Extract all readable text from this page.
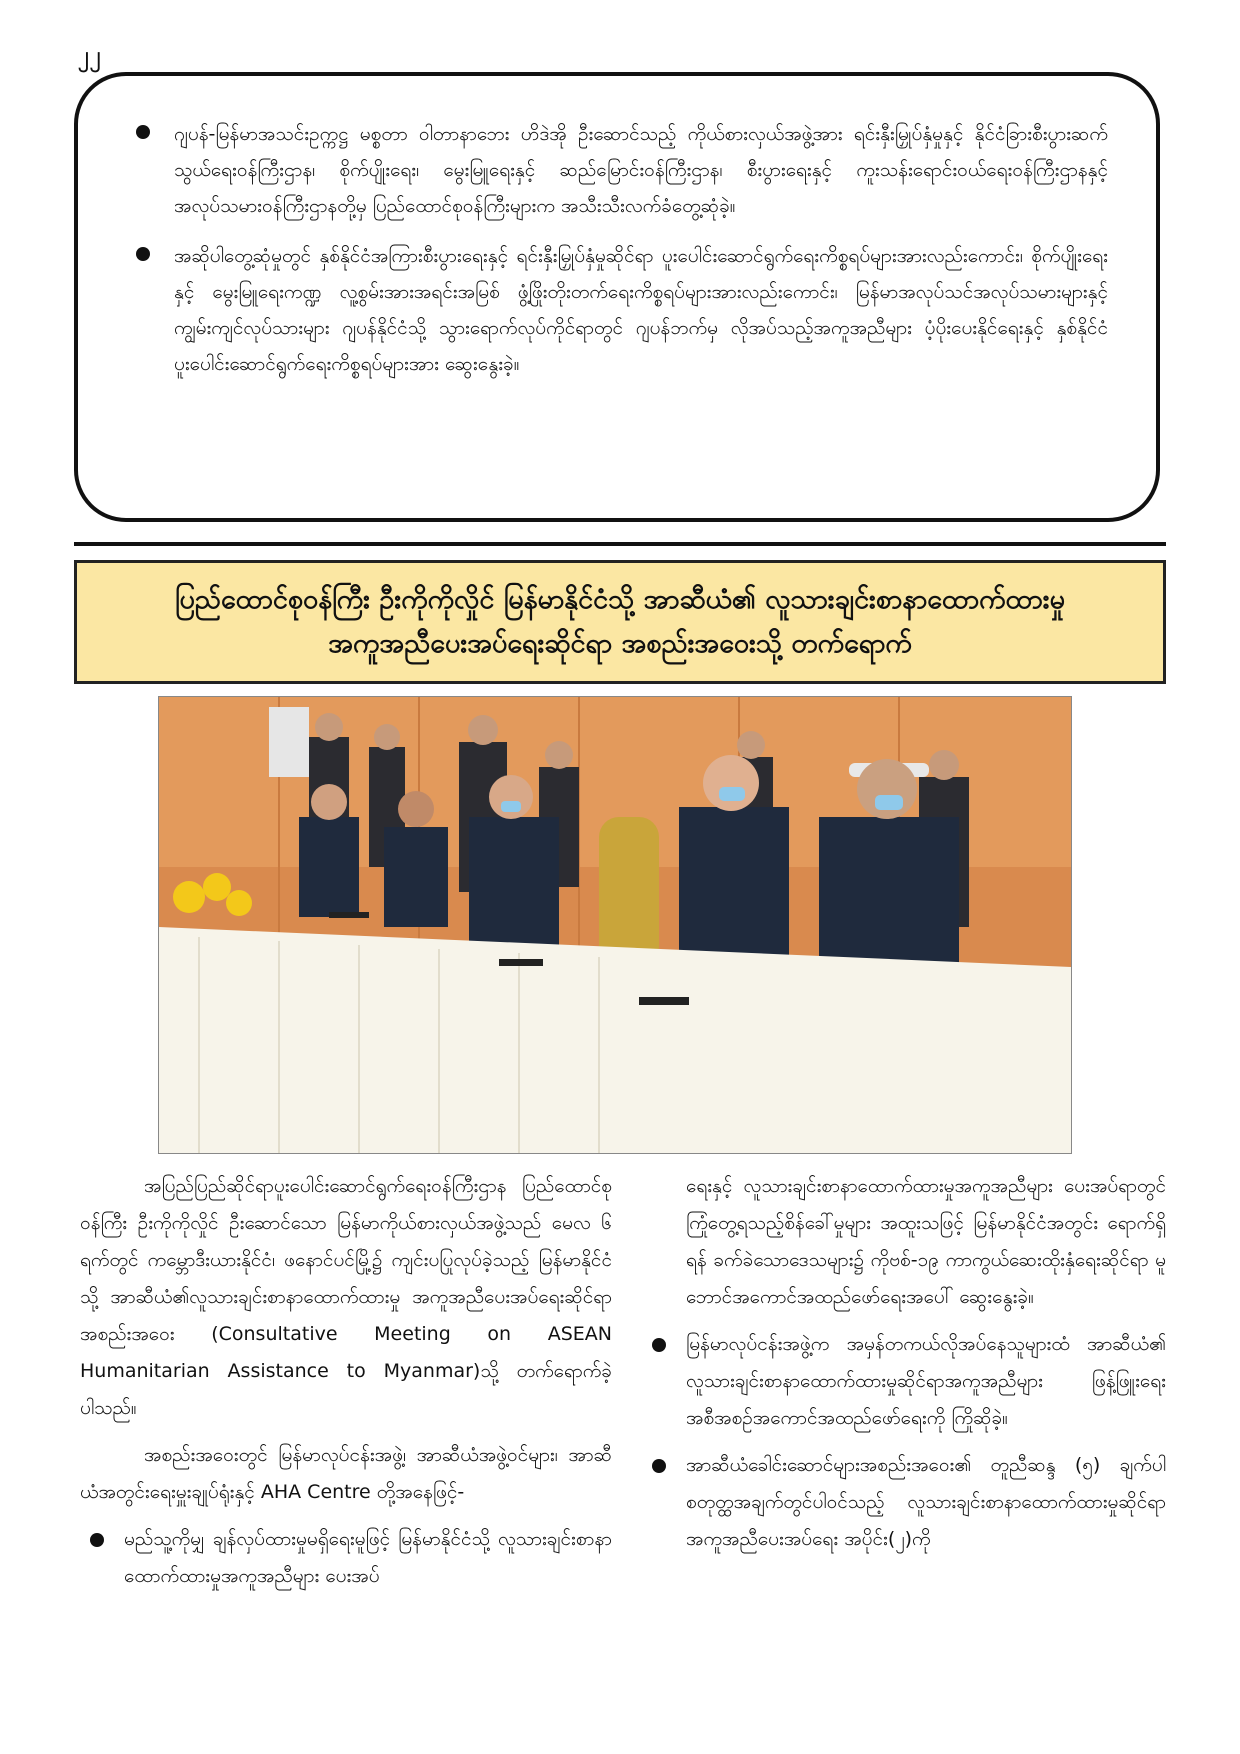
၂၂
ဂျပန်-မြန်မာအသင်းဥက္ကဋ္ဌ မစ္စတာ ဝါတာနာဘေး ဟိဒဲအို ဦးဆောင်သည့် ကိုယ်စားလှယ်အဖွဲ့အား ရင်းနှီးမြှုပ်နှံမှုနှင့် နိုင်ငံခြားစီးပွားဆက်သွယ်ရေးဝန်ကြီးဌာန၊ စိုက်ပျိုးရေး၊ မွေးမြူရေးနှင့် ဆည်မြောင်းဝန်ကြီးဌာန၊ စီးပွားရေးနှင့် ကူးသန်းရောင်းဝယ်ရေးဝန်ကြီးဌာနနှင့် အလုပ်သမားဝန်ကြီးဌာနတို့မှ ပြည်ထောင်စုဝန်ကြီးများက အသီးသီးလက်ခံတွေ့ဆုံခဲ့။
အဆိုပါတွေ့ဆုံမှုတွင် နှစ်နိုင်ငံအကြားစီးပွားရေးနှင့် ရင်းနှီးမြှုပ်နှံမှုဆိုင်ရာ ပူးပေါင်းဆောင်ရွက်ရေးကိစ္စရပ်များအားလည်းကောင်း၊ စိုက်ပျိုးရေးနှင့် မွေးမြူရေးကဏ္ဍ လူ့စွမ်းအားအရင်းအမြစ် ဖွံ့ဖြိုးတိုးတက်ရေးကိစ္စရပ်များအားလည်းကောင်း၊ မြန်မာအလုပ်သင်အလုပ်သမားများနှင့် ကျွမ်းကျင်လုပ်သားများ ဂျပန်နိုင်ငံသို့ သွားရောက်လုပ်ကိုင်ရာတွင် ဂျပန်ဘက်မှ လိုအပ်သည့်အကူအညီများ ပံ့ပိုးပေးနိုင်ရေးနှင့် နှစ်နိုင်ငံ ပူးပေါင်းဆောင်ရွက်ရေးကိစ္စရပ်များအား ဆွေးနွေးခဲ့။
ပြည်ထောင်စုဝန်ကြီး ဦးကိုကိုလှိုင် မြန်မာနိုင်ငံသို့ အာဆီယံ၏ လူသားချင်းစာနာထောက်ထားမှု
အကူအညီပေးအပ်ရေးဆိုင်ရာ အစည်းအဝေးသို့ တက်ရောက်

အပြည်ပြည်ဆိုင်ရာပူးပေါင်းဆောင်ရွက်ရေးဝန်ကြီးဌာန ပြည်ထောင်စုဝန်ကြီး ဦးကိုကိုလှိုင် ဦးဆောင်သော မြန်မာကိုယ်စားလှယ်အဖွဲ့သည် မေလ ၆ ရက်တွင် ကမ္ဘောဒီးယားနိုင်ငံ၊ ဖနောင်ပင်မြို့၌ ကျင်းပပြုလုပ်ခဲ့သည့် မြန်မာနိုင်ငံသို့ အာဆီယံ၏လူသားချင်းစာနာထောက်ထားမှု အကူအညီပေးအပ်ရေးဆိုင်ရာအစည်းအဝေး (Consultative Meeting on ASEAN Humanitarian Assistance to Myanmar)သို့ တက်ရောက်ခဲ့ပါသည်။

အစည်းအဝေးတွင် မြန်မာလုပ်ငန်းအဖွဲ့၊ အာဆီယံအဖွဲ့ဝင်များ၊ အာဆီယံအတွင်းရေးမှူးချုပ်ရုံးနှင့် AHA Centre တို့အနေဖြင့်-

မည်သူ့ကိုမျှ ချန်လှပ်ထားမှုမရှိရေးမူဖြင့် မြန်မာနိုင်ငံသို့ လူသားချင်းစာနာထောက်ထားမှုအကူအညီများ ပေးအပ်

ရေးနှင့် လူသားချင်းစာနာထောက်ထားမှုအကူအညီများ ပေးအပ်ရာတွင် ကြုံတွေ့ရသည့်စိန်ခေါ်မှုများ အထူးသဖြင့် မြန်မာနိုင်ငံအတွင်း ရောက်ရှိရန် ခက်ခဲသောဒေသများ၌ ကိုဗစ်-၁၉ ကာကွယ်ဆေးထိုးနှံရေးဆိုင်ရာ မူဘောင်အကောင်အထည်ဖော်ရေးအပေါ် ဆွေးနွေးခဲ့။

မြန်မာလုပ်ငန်းအဖွဲ့က အမှန်တကယ်လိုအပ်နေသူများထံ အာဆီယံ၏ လူသားချင်းစာနာထောက်ထားမှုဆိုင်ရာအကူအညီများ ဖြန့်ဖြူးရေးအစီအစဉ်အကောင်အထည်ဖော်ရေးကို ကြိုဆိုခဲ့။
အာဆီယံခေါင်းဆောင်များအစည်းအဝေး၏ တူညီဆန္ဒ (၅) ချက်ပါ စတုတ္ထအချက်တွင်ပါဝင်သည့် လူသားချင်းစာနာထောက်ထားမှုဆိုင်ရာအကူအညီပေးအပ်ရေး အပိုင်း(၂)ကို
